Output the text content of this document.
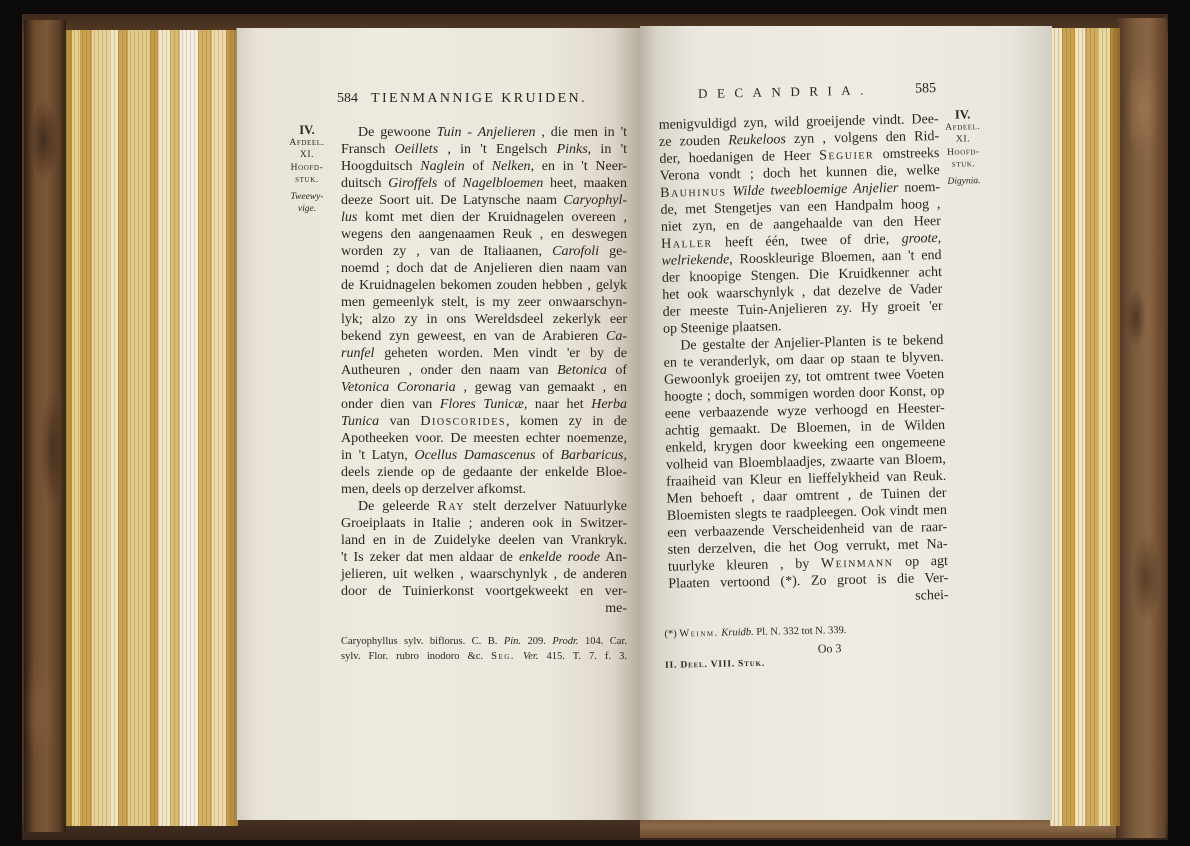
584 TIENMANNIGE KRUIDEN.
IV.
Afdeel.
XI.
Hoofd-
stuk.
Tweewy-
vige.
De gewoone Tuin - Anjelieren , die men in 't
Fransch Oeillets , in 't Engelsch Pinks, in 't
Hoogduitsch Naglein of Nelken, en in 't Neer-
duitsch Giroffels of Nagelbloemen heet, maaken
deeze Soort uit. De Latynsche naam Caryophyl-
lus komt met dien der Kruidnagelen overeen ,
wegens den aangenaamen Reuk , en deswegen
worden zy , van de Italiaanen, Carofoli ge-
noemd ; doch dat de Anjelieren dien naam van
de Kruidnagelen bekomen zouden hebben , gelyk
men gemeenlyk stelt, is my zeer onwaarschyn-
lyk; alzo zy in ons Wereldsdeel zekerlyk eer
bekend zyn geweest, en van de Arabieren Ca-
runfel geheten worden. Men vindt 'er by de
Autheuren , onder den naam van Betonica of
Vetonica Coronaria , gewag van gemaakt , en
onder dien van Flores Tunicæ, naar het Herba
Tunica van Dioscorides, komen zy in de
Apotheeken voor. De meesten echter noemenze,
in 't Latyn, Ocellus Damascenus of Barbaricus,
deels ziende op de gedaante der enkelde Bloe-
men, deels op derzelver afkomst.
De geleerde Ray stelt derzelver Natuurlyke
Groeiplaats in Italie ; anderen ook in Switzer-
land en in de Zuidelyke deelen van Vrankryk.
't Is zeker dat men aldaar de enkelde roode An-
jelieren, uit welken , waarschynlyk , de anderen
door de Tuinierkonst voortgekweekt en ver-
me-
Caryophyllus sylv. biflorus. C. B. Pin. 209. Prodr. 104. Car.
sylv. Flor. rubro inodoro &c. Seg. Ver. 415. T. 7. f. 3.
DECANDRIA.	585
IV.
Afdeel.
XI.
Hoofd-
stuk.
Digynia.
menigvuldigd zyn, wild groeijende vindt. Dee-
ze zouden Reukeloos zyn , volgens den Rid-
der, hoedanigen de Heer Seguier omstreeks
Verona vondt ; doch het kunnen die, welke
Bauhinus Wilde tweebloemige Anjelier noem-
de, met Stengetjes van een Handpalm hoog ,
niet zyn, en de aangehaalde van den Heer
Haller heeft één, twee of drie, groote,
welriekende, Rooskleurige Bloemen, aan 't end
der knoopige Stengen. Die Kruidkenner acht
het ook waarschynlyk , dat dezelve de Vader
der meeste Tuin-Anjelieren zy. Hy groeit 'er
op Steenige plaatsen.
De gestalte der Anjelier-Planten is te bekend
en te veranderlyk, om daar op staan te blyven.
Gewoonlyk groeijen zy, tot omtrent twee Voeten
hoogte ; doch, sommigen worden door Konst, op
eene verbaazende wyze verhoogd en Heester-
achtig gemaakt. De Bloemen, in de Wilden
enkeld, krygen door kweeking een ongemeene
volheid van Bloemblaadjes, zwaarte van Bloem,
fraaiheid van Kleur en lieffelykheid van Reuk.
Men behoeft , daar omtrent , de Tuinen der
Bloemisten slegts te raadpleegen. Ook vindt men
een verbaazende Verscheidenheid van de raar-
sten derzelven, die het Oog verrukt, met Na-
tuurlyke kleuren , by Weinmann op agt
Plaaten vertoond (*). Zo groot is die Ver-
schei-
(*) Weinm. Kruidb. Pl. N. 332 tot N. 339.
Oo 3
II. Deel. VIII. Stuk.
